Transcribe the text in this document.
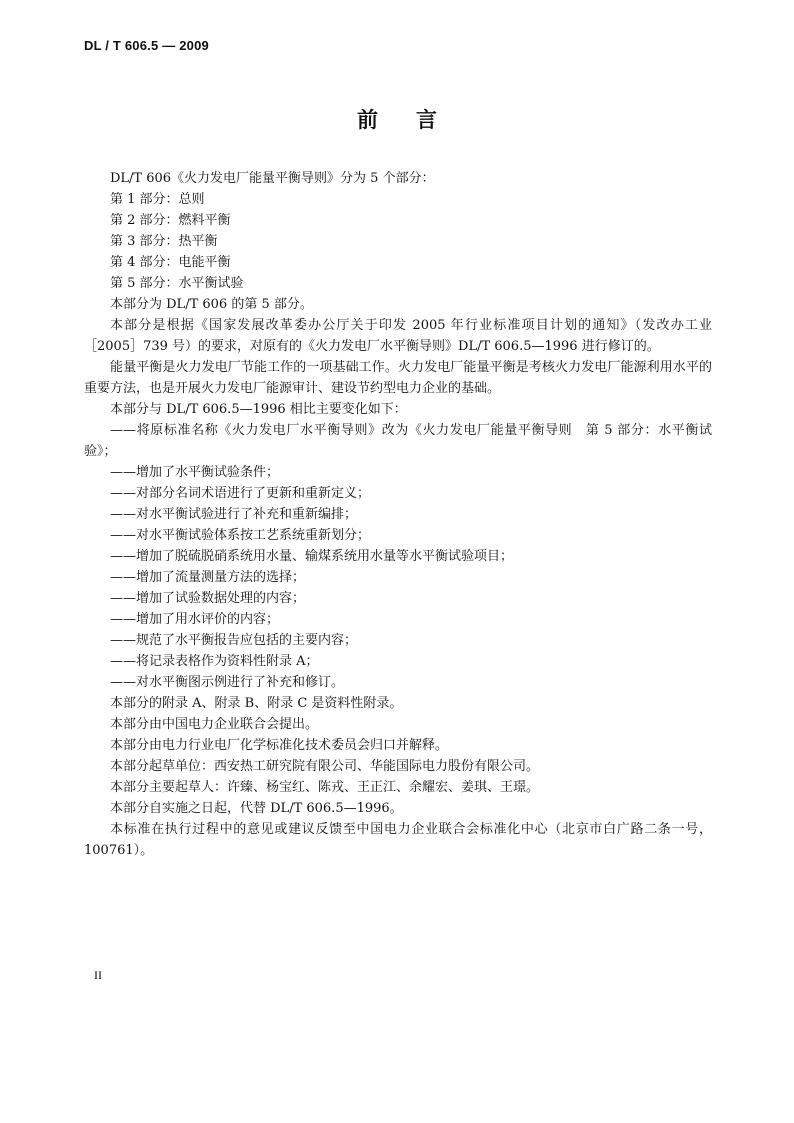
DL / T 606.5 — 2009
前言

DL/T 606《火力发电厂能量平衡导则》分为 5 个部分：

第 1 部分：总则

第 2 部分：燃料平衡

第 3 部分：热平衡

第 4 部分：电能平衡

第 5 部分：水平衡试验

本部分为 DL/T 606 的第 5 部分。

本部分是根据《国家发展改革委办公厅关于印发 2005 年行业标准项目计划的通知》（发改办工业［2005］739 号）的要求，对原有的《火力发电厂水平衡导则》DL/T 606.5—1996 进行修订的。

能量平衡是火力发电厂节能工作的一项基础工作。火力发电厂能量平衡是考核火力发电厂能源利用水平的重要方法，也是开展火力发电厂能源审计、建设节约型电力企业的基础。

本部分与 DL/T 606.5—1996 相比主要变化如下：

——将原标准名称《火力发电厂水平衡导则》改为《火力发电厂能量平衡导则　第 5 部分：水平衡试验》；

——增加了水平衡试验条件；

——对部分名词术语进行了更新和重新定义；

——对水平衡试验进行了补充和重新编排；

——对水平衡试验体系按工艺系统重新划分；

——增加了脱硫脱硝系统用水量、输煤系统用水量等水平衡试验项目；

——增加了流量测量方法的选择；

——增加了试验数据处理的内容；

——增加了用水评价的内容；

——规范了水平衡报告应包括的主要内容；

——将记录表格作为资料性附录 A；

——对水平衡图示例进行了补充和修订。

本部分的附录 A、附录 B、附录 C 是资料性附录。

本部分由中国电力企业联合会提出。

本部分由电力行业电厂化学标准化技术委员会归口并解释。

本部分起草单位：西安热工研究院有限公司、华能国际电力股份有限公司。

本部分主要起草人：许臻、杨宝红、陈戎、王正江、余耀宏、姜琪、王璟。

本部分自实施之日起，代替 DL/T 606.5—1996。

本标准在执行过程中的意见或建议反馈至中国电力企业联合会标准化中心（北京市白广路二条一号，100761）。

II
